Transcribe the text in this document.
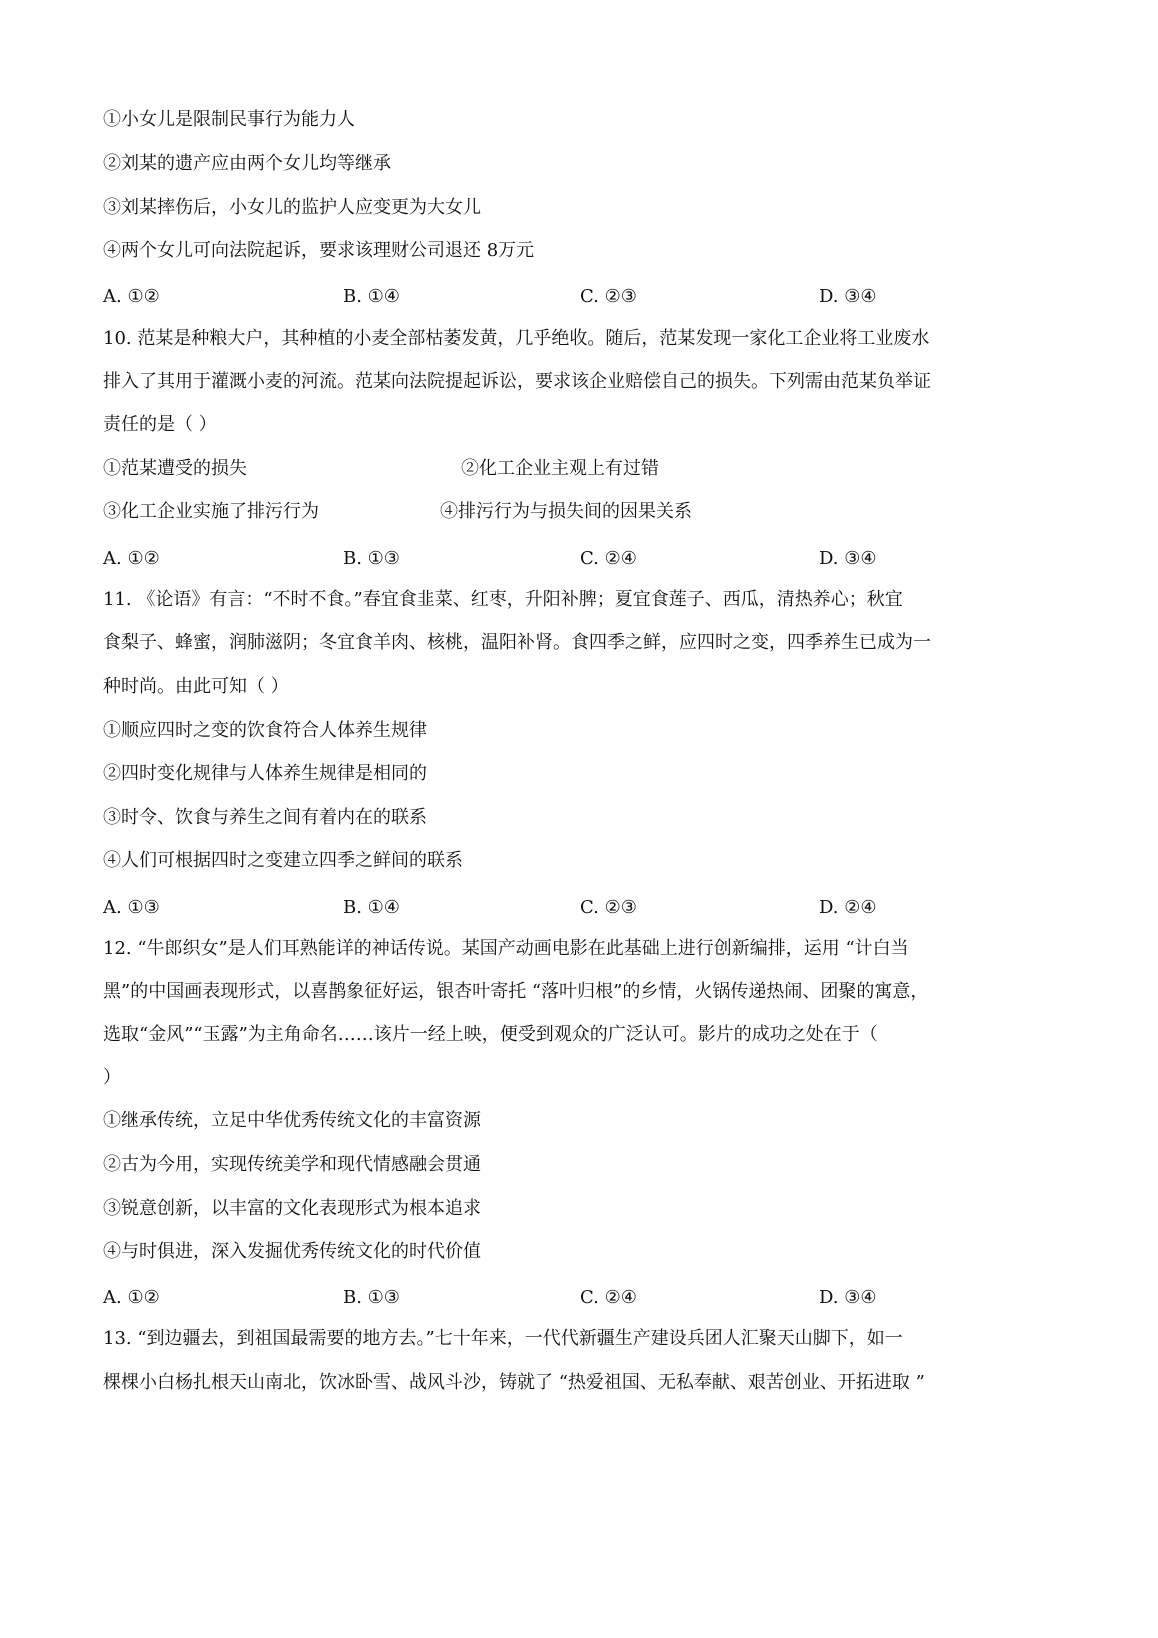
①小女儿是限制民事行为能力人
②刘某的遗产应由两个女儿均等继承
③刘某摔伤后，小女儿的监护人应变更为大女儿
④两个女儿可向法院起诉，要求该理财公司退还 8万元
A. ①②	B. ①④	C. ②③	D. ③④
10. 范某是种粮大户，其种植的小麦全部枯萎发黄，几乎绝收。随后，范某发现一家化工企业将工业废水
排入了其用于灌溉小麦的河流。范某向法院提起诉讼，要求该企业赔偿自己的损失。下列需由范某负举证
责任的是（ ）
①范某遭受的损失	②化工企业主观上有过错
③化工企业实施了排污行为	④排污行为与损失间的因果关系
A. ①②	B. ①③	C. ②④	D. ③④
11. 《论语》有言：“不时不食。”春宜食韭菜、红枣，升阳补脾；夏宜食莲子、西瓜，清热养心；秋宜
食梨子、蜂蜜，润肺滋阴；冬宜食羊肉、核桃，温阳补肾。食四季之鲜，应四时之变，四季养生已成为一
种时尚。由此可知（ ）
①顺应四时之变的饮食符合人体养生规律
②四时变化规律与人体养生规律是相同的
③时令、饮食与养生之间有着内在的联系
④人们可根据四时之变建立四季之鲜间的联系
A. ①③	B. ①④	C. ②③	D. ②④
12. “牛郎织女”是人们耳熟能详的神话传说。某国产动画电影在此基础上进行创新编排，运用 “计白当
黑”的中国画表现形式，以喜鹊象征好运，银杏叶寄托 “落叶归根”的乡情，火锅传递热闹、团聚的寓意，
选取“金风”“玉露”为主角命名……该片一经上映，便受到观众的广泛认可。影片的成功之处在于（
）
①继承传统，立足中华优秀传统文化的丰富资源
②古为今用，实现传统美学和现代情感融会贯通
③锐意创新，以丰富的文化表现形式为根本追求
④与时俱进，深入发掘优秀传统文化的时代价值
A. ①②	B. ①③	C. ②④	D. ③④
13. “到边疆去，到祖国最需要的地方去。”七十年来，一代代新疆生产建设兵团人汇聚天山脚下，如一
棵棵小白杨扎根天山南北，饮冰卧雪、战风斗沙，铸就了 “热爱祖国、无私奉献、艰苦创业、开拓进取 ”
